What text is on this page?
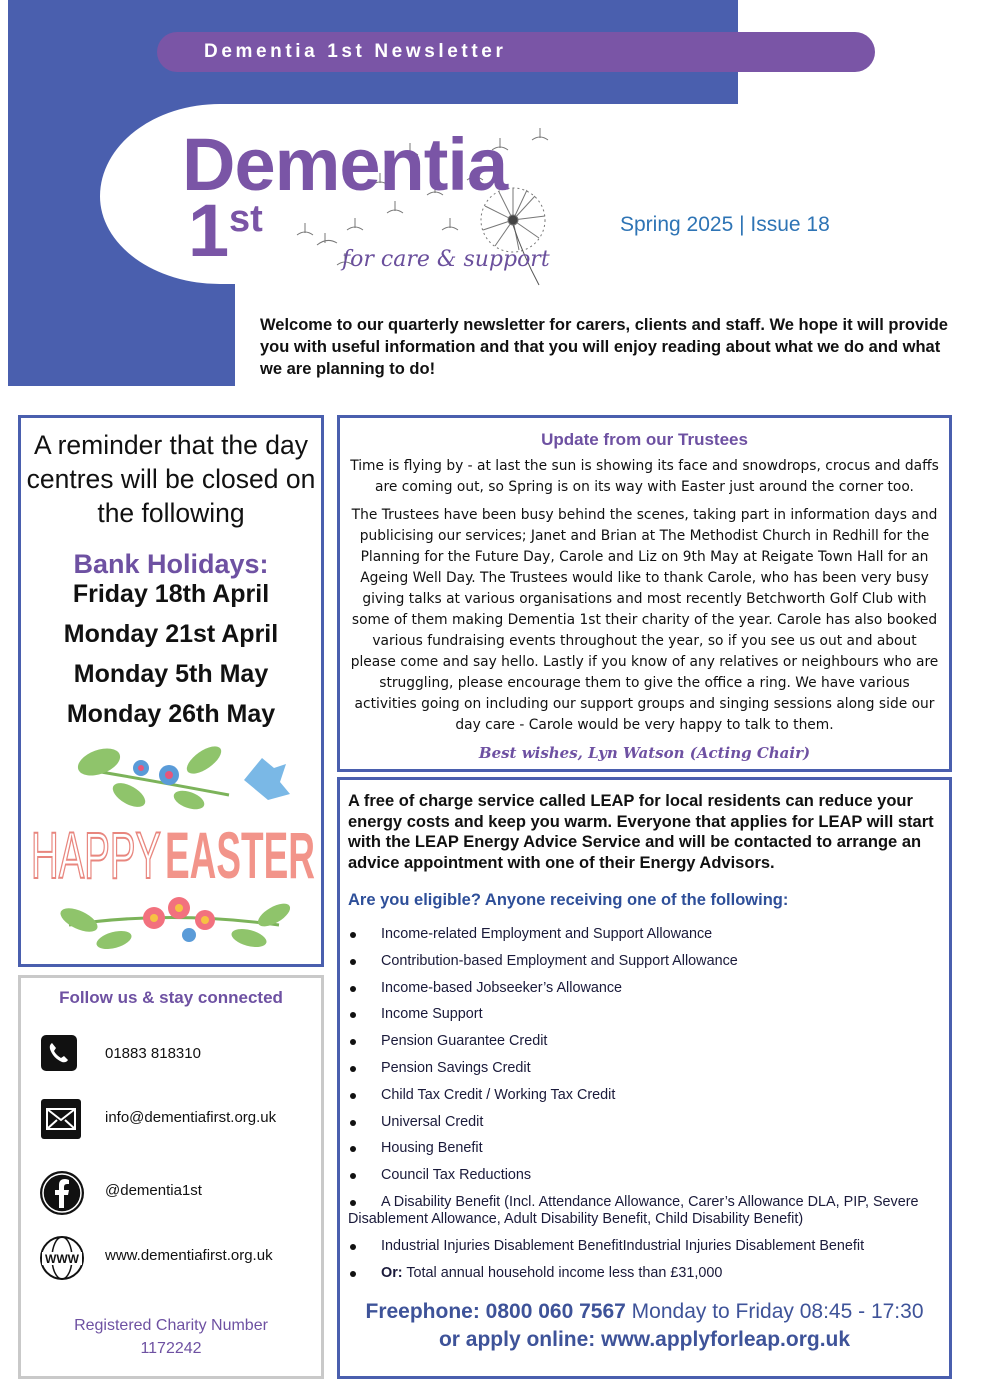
Dementia 1st Newsletter
Dementia
1 st
for care & support
Spring 2025 | Issue 18
Welcome to our quarterly newsletter for carers, clients and staff. We hope it will provide you with useful information and that you will enjoy reading about what we do and what we are planning to do!
A reminder that the day centres will be closed on the following
Bank Holidays:
Friday 18th April
Monday 21st April
Monday 5th May
Monday 26th May
HAPPY EASTER
Update from our Trustees

Time is flying by - at last the sun is showing its face and snowdrops, crocus and daffs are coming out, so Spring is on its way with Easter just around the corner too.

The Trustees have been busy behind the scenes, taking part in information days and publicising our services; Janet and Brian at The Methodist Church in Redhill for the Planning for the Future Day, Carole and Liz on 9th May at Reigate Town Hall for an Ageing Well Day. The Trustees would like to thank Carole, who has been very busy giving talks at various organisations and most recently Betchworth Golf Club with some of them making Dementia 1st their charity of the year. Carole has also booked various fundraising events throughout the year, so if you see us out and about please come and say hello. Lastly if you know of any relatives or neighbours who are struggling, please encourage them to give the office a ring. We have various activities going on including our support groups and singing sessions along side our day care - Carole would be very happy to talk to them.

Best wishes, Lyn Watson (Acting Chair)
A free of charge service called LEAP for local residents can reduce your energy costs and keep you warm. Everyone that applies for LEAP will start with the LEAP Energy Advice Service and will be contacted to arrange an advice appointment with one of their Energy Advisors.
Are you eligible? Anyone receiving one of the following:
Income-related Employment and Support Allowance
Contribution-based Employment and Support Allowance
Income-based Jobseeker’s Allowance
Income Support
Pension Guarantee Credit
Pension Savings Credit
Child Tax Credit / Working Tax Credit
Universal Credit
Housing Benefit
Council Tax Reductions
A Disability Benefit (Incl. Attendance Allowance, Carer’s Allowance DLA, PIP, Severe Disablement Allowance, Adult Disability Benefit, Child Disability Benefit)
Industrial Injuries Disablement BenefitIndustrial Injuries Disablement Benefit
Or: Total annual household income less than £31,000
Freephone: 0800 060 7567 Monday to Friday 08:45 - 17:30
or apply online: www.applyforleap.org.uk
Follow us & stay connected
01883 818310
info@dementiafirst.org.uk
@dementia1st
WWW www.dementiafirst.org.uk
Registered Charity Number
1172242
